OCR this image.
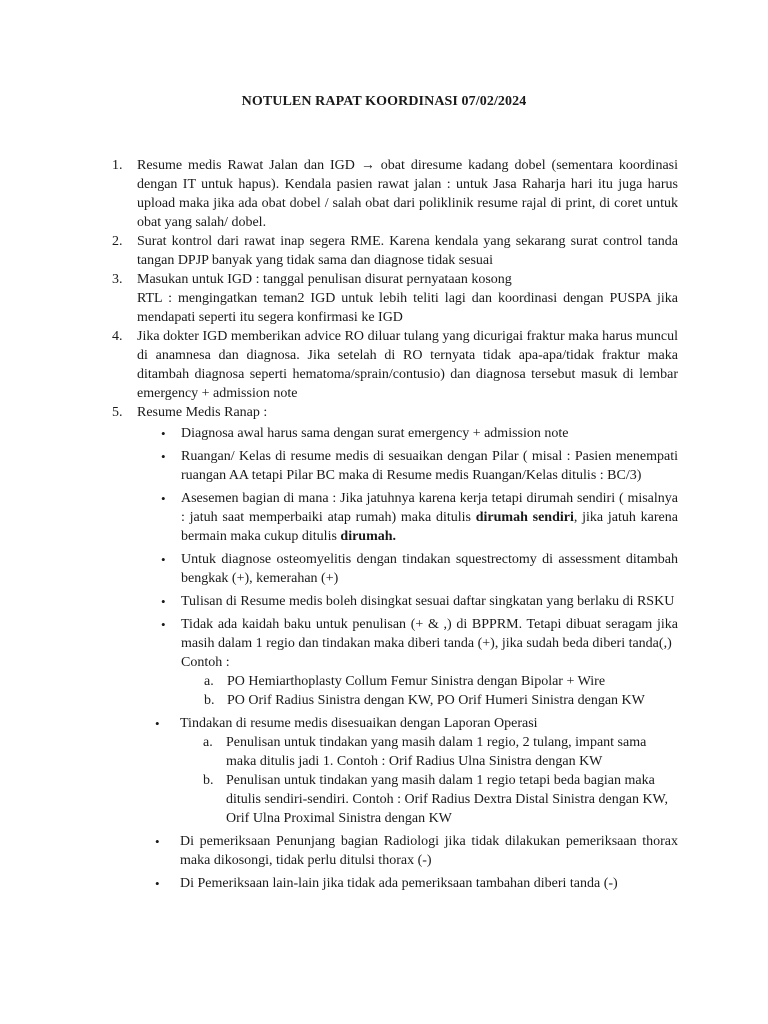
NOTULEN RAPAT KOORDINASI 07/02/2024
1. Resume medis Rawat Jalan dan IGD → obat diresume kadang dobel (sementara koordinasi dengan IT untuk hapus). Kendala pasien rawat jalan : untuk Jasa Raharja hari itu juga harus upload maka jika ada obat dobel / salah obat dari poliklinik resume rajal di print, di coret untuk obat yang salah/ dobel.
2. Surat kontrol dari rawat inap segera RME. Karena kendala yang sekarang surat control tanda tangan DPJP banyak yang tidak sama dan diagnose tidak sesuai
3. Masukan untuk IGD : tanggal penulisan disurat pernyataan kosong
RTL : mengingatkan teman2 IGD untuk lebih teliti lagi dan koordinasi dengan PUSPA jika mendapati seperti itu segera konfirmasi ke IGD
4. Jika dokter IGD memberikan advice RO diluar tulang yang dicurigai fraktur maka harus muncul di anamnesa dan diagnosa. Jika setelah di RO ternyata tidak apa-apa/tidak fraktur maka ditambah diagnosa seperti hematoma/sprain/contusio) dan diagnosa tersebut masuk di lembar emergency + admission note
5. Resume Medis Ranap :
• Diagnosa awal harus sama dengan surat emergency + admission note
• Ruangan/ Kelas di resume medis di sesuaikan dengan Pilar ( misal : Pasien menempati ruangan AA tetapi Pilar BC maka di Resume medis Ruangan/Kelas ditulis : BC/3)
• Asesemen bagian di mana : Jika jatuhnya karena kerja tetapi dirumah sendiri ( misalnya : jatuh saat memperbaiki atap rumah) maka ditulis dirumah sendiri, jika jatuh karena bermain maka cukup ditulis dirumah.
• Untuk diagnose osteomyelitis dengan tindakan squestrectomy di assessment ditambah bengkak (+), kemerahan (+)
• Tulisan di Resume medis boleh disingkat sesuai daftar singkatan yang berlaku di RSKU
• Tidak ada kaidah baku untuk penulisan (+ & ,) di BPPRM. Tetapi dibuat seragam jika masih dalam 1 regio dan tindakan maka diberi tanda (+), jika sudah beda diberi tanda(,)
Contoh :
a. PO Hemiarthoplasty Collum Femur Sinistra dengan Bipolar + Wire
b. PO Orif Radius Sinistra dengan KW, PO Orif Humeri Sinistra dengan KW
• Tindakan di resume medis disesuaikan dengan Laporan Operasi
a. Penulisan untuk tindakan yang masih dalam 1 regio, 2 tulang, impant sama maka ditulis jadi 1. Contoh : Orif Radius Ulna Sinistra dengan KW
b. Penulisan untuk tindakan yang masih dalam 1 regio tetapi beda bagian maka ditulis sendiri-sendiri. Contoh : Orif Radius Dextra Distal Sinistra dengan KW, Orif Ulna Proximal Sinistra dengan KW
• Di pemeriksaan Penunjang bagian Radiologi jika tidak dilakukan pemeriksaan thorax maka dikosongi, tidak perlu ditulsi thorax (-)
• Di Pemeriksaan lain-lain jika tidak ada pemeriksaan tambahan diberi tanda (-)
